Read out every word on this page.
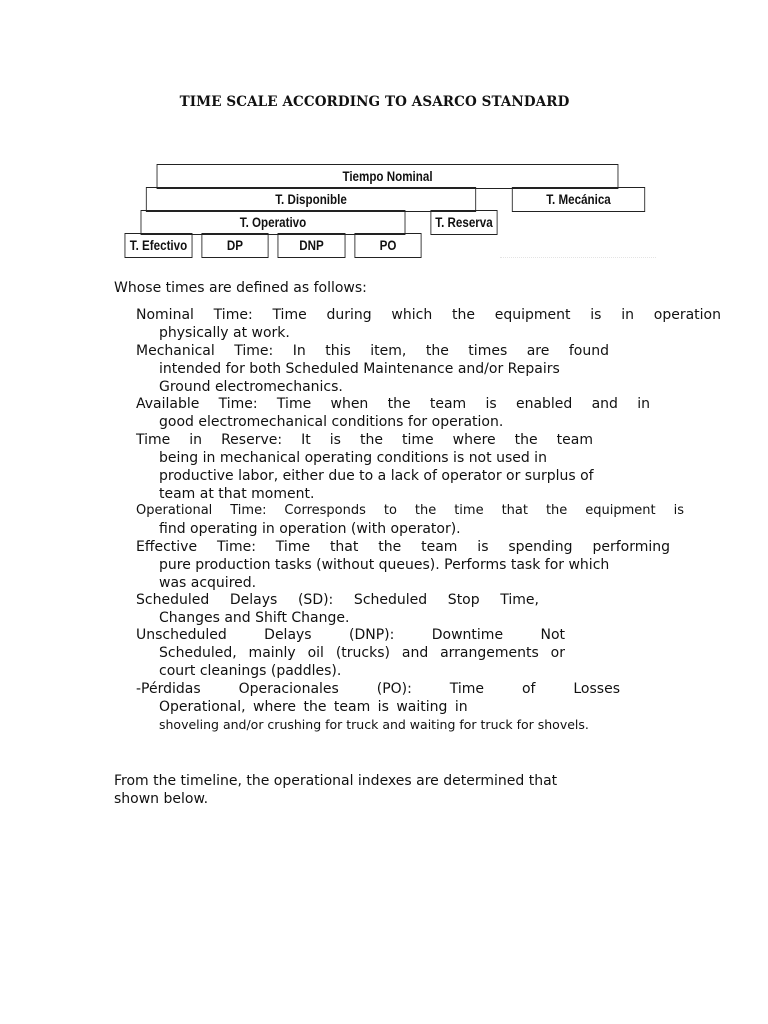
TIME SCALE ACCORDING TO ASARCO STANDARD
Tiempo Nominal
T. Disponible	T. Mecánica
T. Operativo	T. Reserva
T. Efectivo	DP	DNP	PO
Whose times are defined as follows:
Nominal Time: Time during which the equipment is in operation
physically at work.
Mechanical Time: In this item, the times are found
intended for both Scheduled Maintenance and/or Repairs
Ground electromechanics.
Available Time: Time when the team is enabled and in
good electromechanical conditions for operation.
Time in Reserve: It is the time where the team
being in mechanical operating conditions is not used in
productive labor, either due to a lack of operator or surplus of
team at that moment.
Operational Time: Corresponds to the time that the equipment is
find operating in operation (with operator).
Effective Time: Time that the team is spending performing
pure production tasks (without queues). Performs task for which
was acquired.
Scheduled Delays (SD): Scheduled Stop Time,
Changes and Shift Change.
Unscheduled Delays (DNP): Downtime Not
Scheduled, mainly oil (trucks) and arrangements or
court cleanings (paddles).
-Pérdidas Operacionales (PO): Time of Losses
Operational, where the team is waiting in
shoveling and/or crushing for truck and waiting for truck for shovels.
From the timeline, the operational indexes are determined that
shown below.
